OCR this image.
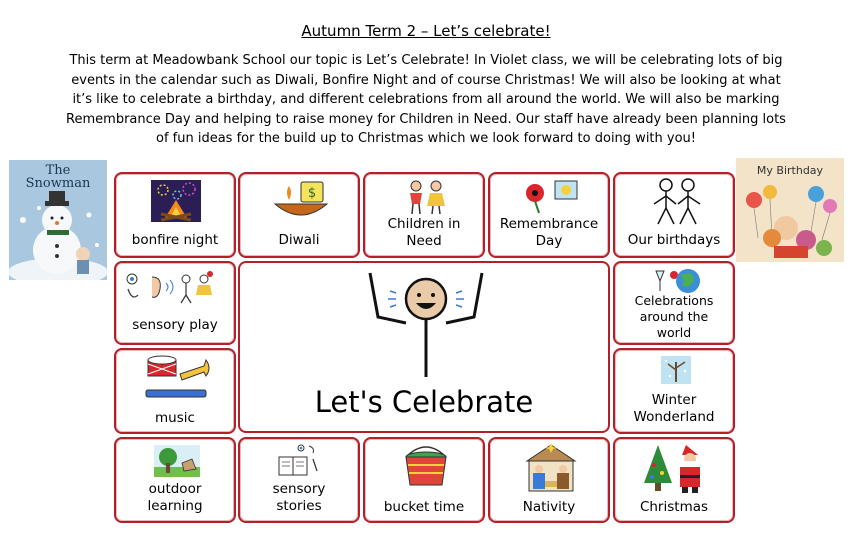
Autumn Term 2 – Let’s celebrate!
This term at Meadowbank School our topic is Let’s Celebrate! In Violet class, we will be celebrating lots of big events in the calendar such as Diwali, Bonfire Night and of course Christmas! We will also be looking at what it’s like to celebrate a birthday, and different celebrations from all around the world. We will also be marking Remembrance Day and helping to raise money for Children in Need. Our staff have already been planning lots of fun ideas for the build up to Christmas which we look forward to doing with you!
The Snowman
My Birthday
bonfire night
$
Diwali
Children in
Need
Remembrance
Day	Our birthdays
sensory play
Let's Celebrate
Celebrations
around the
world
music
Winter
Wonderland
outdoor
learning
sensory
stories	bucket time	Nativity	Christmas
